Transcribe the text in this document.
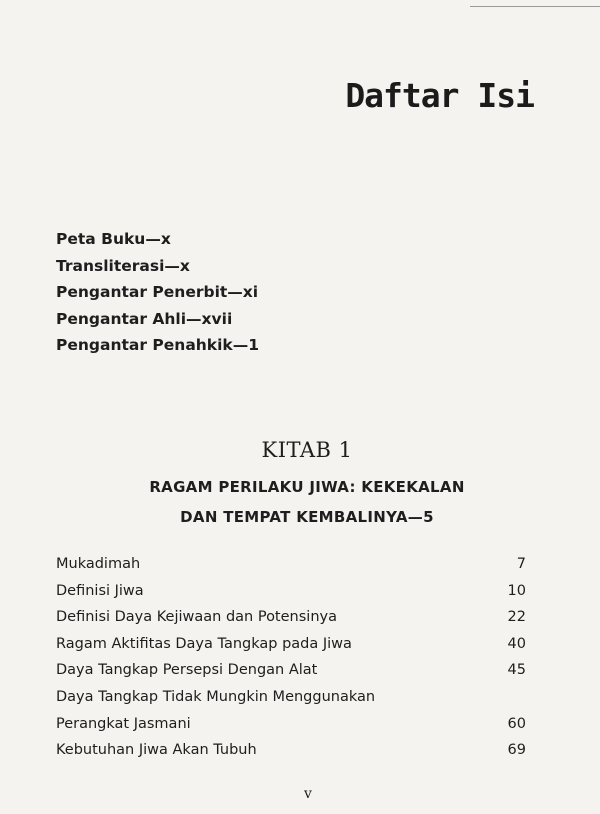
Daftar Isi
Peta Buku—x
Transliterasi—x
Pengantar Penerbit—xi
Pengantar Ahli—xvii
Pengantar Penahkik—1
KITAB 1
RAGAM PERILAKU JIWA: KEKEKALAN
DAN TEMPAT KEMBALINYA—5
Mukadimah	7
Definisi Jiwa	10
Definisi Daya Kejiwaan dan Potensinya	22
Ragam Aktifitas Daya Tangkap pada Jiwa	40
Daya Tangkap Persepsi Dengan Alat	45
Daya Tangkap Tidak Mungkin Menggunakan
Perangkat Jasmani	60
Kebutuhan Jiwa Akan Tubuh	69
v
